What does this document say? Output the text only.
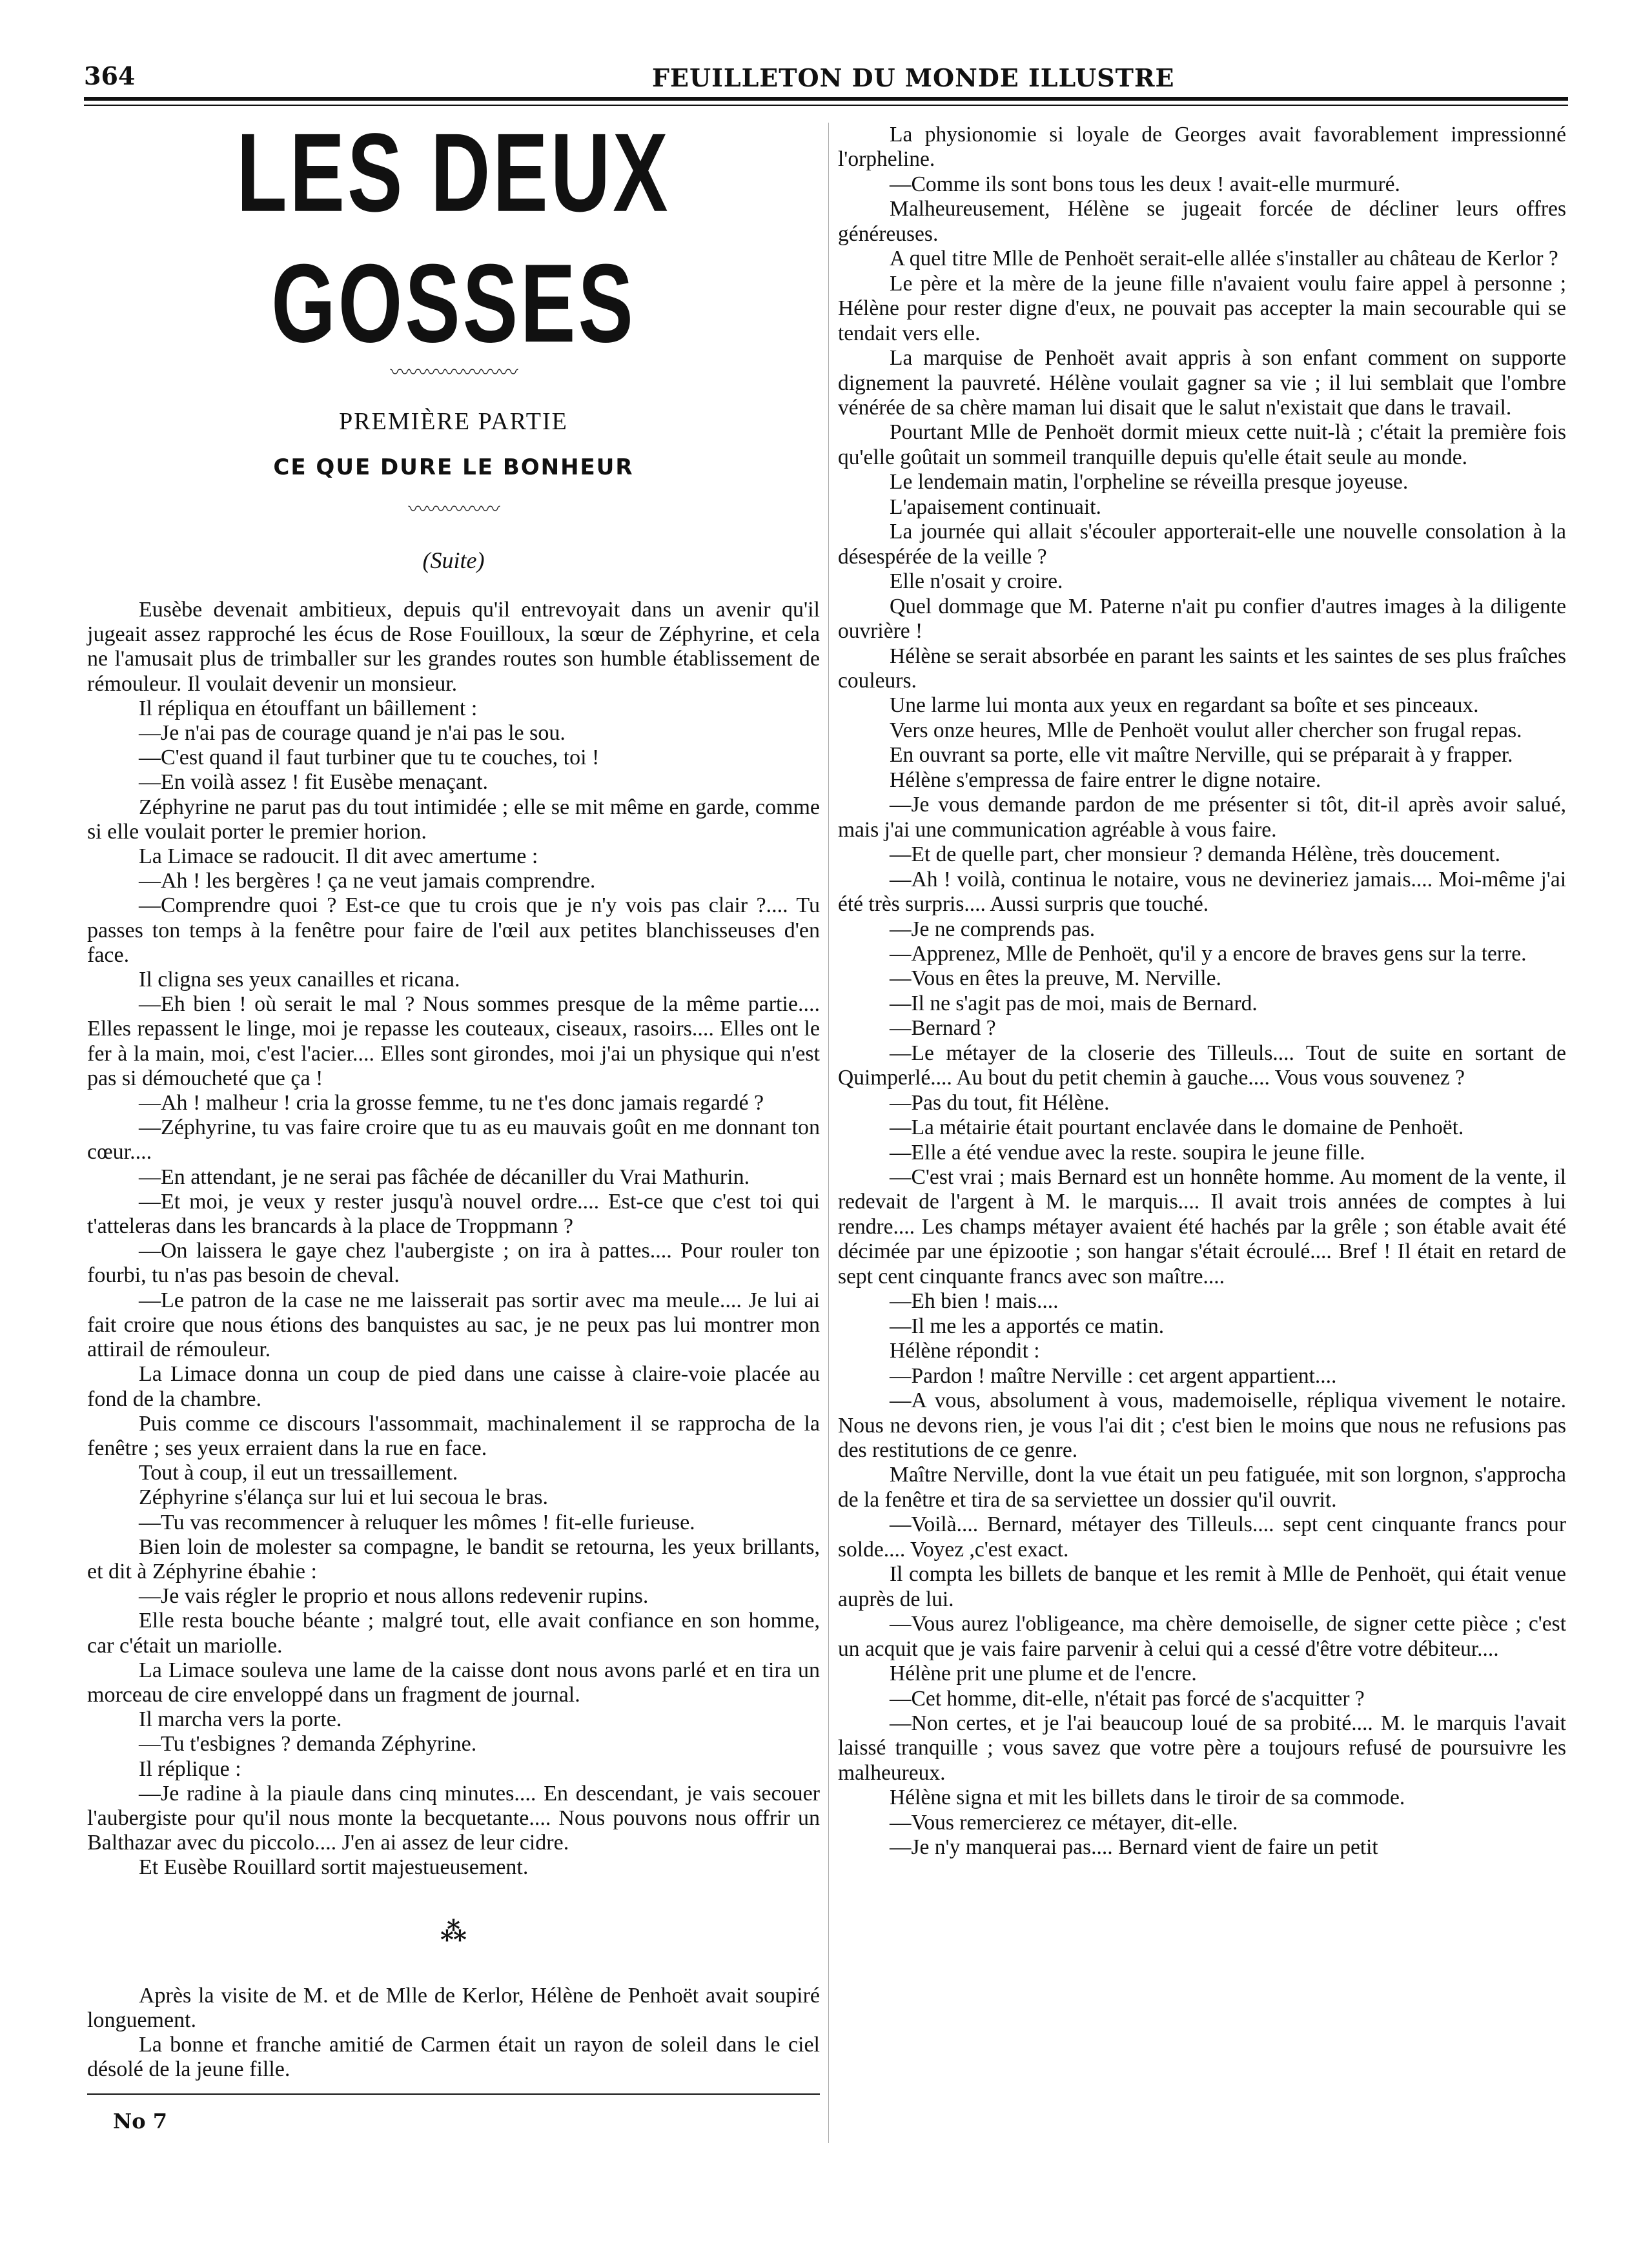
364	FEUILLETON DU MONDE ILLUSTRE
LES DEUX GOSSES
〰〰〰〰〰〰〰
PREMIÈRE PARTIE
CE QUE DURE LE BONHEUR
〰〰〰〰〰
(Suite)

Eusèbe devenait ambitieux, depuis qu'il entrevoyait dans un avenir qu'il jugeait assez rapproché les écus de Rose Fouilloux, la sœur de Zéphyrine, et cela ne l'amusait plus de trimballer sur les grandes routes son humble établissement de rémouleur. Il voulait devenir un monsieur.

Il répliqua en étouffant un bâillement :

—Je n'ai pas de courage quand je n'ai pas le sou.

—C'est quand il faut turbiner que tu te couches, toi !

—En voilà assez ! fit Eusèbe menaçant.

Zéphyrine ne parut pas du tout intimidée ; elle se mit même en garde, comme si elle voulait porter le premier horion.

La Limace se radoucit. Il dit avec amertume :

—Ah ! les bergères ! ça ne veut jamais comprendre.

—Comprendre quoi ? Est-ce que tu crois que je n'y vois pas clair ?.... Tu passes ton temps à la fenêtre pour faire de l'œil aux petites blanchisseuses d'en face.

Il cligna ses yeux canailles et ricana.

—Eh bien ! où serait le mal ? Nous sommes presque de la même partie.... Elles repassent le linge, moi je repasse les couteaux, ciseaux, rasoirs.... Elles ont le fer à la main, moi, c'est l'acier.... Elles sont girondes, moi j'ai un physique qui n'est pas si démoucheté que ça !

—Ah ! malheur ! cria la grosse femme, tu ne t'es donc jamais regardé ?

—Zéphyrine, tu vas faire croire que tu as eu mauvais goût en me donnant ton cœur....

—En attendant, je ne serai pas fâchée de décaniller du Vrai Mathurin.

—Et moi, je veux y rester jusqu'à nouvel ordre.... Est-ce que c'est toi qui t'atteleras dans les brancards à la place de Troppmann ?

—On laissera le gaye chez l'aubergiste ; on ira à pattes.... Pour rouler ton fourbi, tu n'as pas besoin de cheval.

—Le patron de la case ne me laisserait pas sortir avec ma meule.... Je lui ai fait croire que nous étions des banquistes au sac, je ne peux pas lui montrer mon attirail de rémouleur.

La Limace donna un coup de pied dans une caisse à claire-voie placée au fond de la chambre.

Puis comme ce discours l'assommait, machinalement il se rapprocha de la fenêtre ; ses yeux erraient dans la rue en face.

Tout à coup, il eut un tressaillement.

Zéphyrine s'élança sur lui et lui secoua le bras.

—Tu vas recommencer à reluquer les mômes ! fit-elle furieuse.

Bien loin de molester sa compagne, le bandit se retourna, les yeux brillants, et dit à Zéphyrine ébahie :

—Je vais régler le proprio et nous allons redevenir rupins.

Elle resta bouche béante ; malgré tout, elle avait confiance en son homme, car c'était un mariolle.

La Limace souleva une lame de la caisse dont nous avons parlé et en tira un morceau de cire enveloppé dans un fragment de journal.

Il marcha vers la porte.

—Tu t'esbignes ? demanda Zéphyrine.

Il réplique :

—Je radine à la piaule dans cinq minutes.... En descendant, je vais secouer l'aubergiste pour qu'il nous monte la becquetante.... Nous pouvons nous offrir un Balthazar avec du piccolo.... J'en ai assez de leur cidre.

Et Eusèbe Rouillard sortit majestueusement.

⁂

Après la visite de M. et de Mlle de Kerlor, Hélène de Penhoët avait soupiré longuement.

La bonne et franche amitié de Carmen était un rayon de soleil dans le ciel désolé de la jeune fille.

No 7

La physionomie si loyale de Georges avait favorablement impressionné l'orpheline.

—Comme ils sont bons tous les deux ! avait-elle murmuré.

Malheureusement, Hélène se jugeait forcée de décliner leurs offres généreuses.

A quel titre Mlle de Penhoët serait-elle allée s'installer au château de Kerlor ?

Le père et la mère de la jeune fille n'avaient voulu faire appel à personne ; Hélène pour rester digne d'eux, ne pouvait pas accepter la main secourable qui se tendait vers elle.

La marquise de Penhoët avait appris à son enfant comment on supporte dignement la pauvreté. Hélène voulait gagner sa vie ; il lui semblait que l'ombre vénérée de sa chère maman lui disait que le salut n'existait que dans le travail.

Pourtant Mlle de Penhoët dormit mieux cette nuit-là ; c'était la première fois qu'elle goûtait un sommeil tranquille depuis qu'elle était seule au monde.

Le lendemain matin, l'orpheline se réveilla presque joyeuse.

L'apaisement continuait.

La journée qui allait s'écouler apporterait-elle une nouvelle consolation à la désespérée de la veille ?

Elle n'osait y croire.

Quel dommage que M. Paterne n'ait pu confier d'autres images à la diligente ouvrière !

Hélène se serait absorbée en parant les saints et les saintes de ses plus fraîches couleurs.

Une larme lui monta aux yeux en regardant sa boîte et ses pinceaux.

Vers onze heures, Mlle de Penhoët voulut aller chercher son frugal repas.

En ouvrant sa porte, elle vit maître Nerville, qui se préparait à y frapper.

Hélène s'empressa de faire entrer le digne notaire.

—Je vous demande pardon de me présenter si tôt, dit-il après avoir salué, mais j'ai une communication agréable à vous faire.

—Et de quelle part, cher monsieur ? demanda Hélène, très doucement.

—Ah ! voilà, continua le notaire, vous ne devineriez jamais.... Moi-même j'ai été très surpris.... Aussi surpris que touché.

—Je ne comprends pas.

—Apprenez, Mlle de Penhoët, qu'il y a encore de braves gens sur la terre.

—Vous en êtes la preuve, M. Nerville.

—Il ne s'agit pas de moi, mais de Bernard.

—Bernard ?

—Le métayer de la closerie des Tilleuls.... Tout de suite en sortant de Quimperlé.... Au bout du petit chemin à gauche.... Vous vous souvenez ?

—Pas du tout, fit Hélène.

—La métairie était pourtant enclavée dans le domaine de Penhoët.

—Elle a été vendue avec la reste. soupira le jeune fille.

—C'est vrai ; mais Bernard est un honnête homme. Au moment de la vente, il redevait de l'argent à M. le marquis.... Il avait trois années de comptes à lui rendre.... Les champs métayer avaient été hachés par la grêle ; son étable avait été décimée par une épizootie ; son hangar s'était écroulé.... Bref ! Il était en retard de sept cent cinquante francs avec son maître....

—Eh bien ! mais....

—Il me les a apportés ce matin.

Hélène répondit :

—Pardon ! maître Nerville : cet argent appartient....

—A vous, absolument à vous, mademoiselle, répliqua vivement le notaire. Nous ne devons rien, je vous l'ai dit ; c'est bien le moins que nous ne refusions pas des restitutions de ce genre.

Maître Nerville, dont la vue était un peu fatiguée, mit son lorgnon, s'approcha de la fenêtre et tira de sa serviettee un dossier qu'il ouvrit.

—Voilà.... Bernard, métayer des Tilleuls.... sept cent cinquante francs pour solde.... Voyez ,c'est exact.

Il compta les billets de banque et les remit à Mlle de Penhoët, qui était venue auprès de lui.

—Vous aurez l'obligeance, ma chère demoiselle, de signer cette pièce ; c'est un acquit que je vais faire parvenir à celui qui a cessé d'être votre débiteur....

Hélène prit une plume et de l'encre.

—Cet homme, dit-elle, n'était pas forcé de s'acquitter ?

—Non certes, et je l'ai beaucoup loué de sa probité.... M. le marquis l'avait laissé tranquille ; vous savez que votre père a toujours refusé de poursuivre les malheureux.

Hélène signa et mit les billets dans le tiroir de sa commode.

—Vous remercierez ce métayer, dit-elle.

—Je n'y manquerai pas.... Bernard vient de faire un petit
